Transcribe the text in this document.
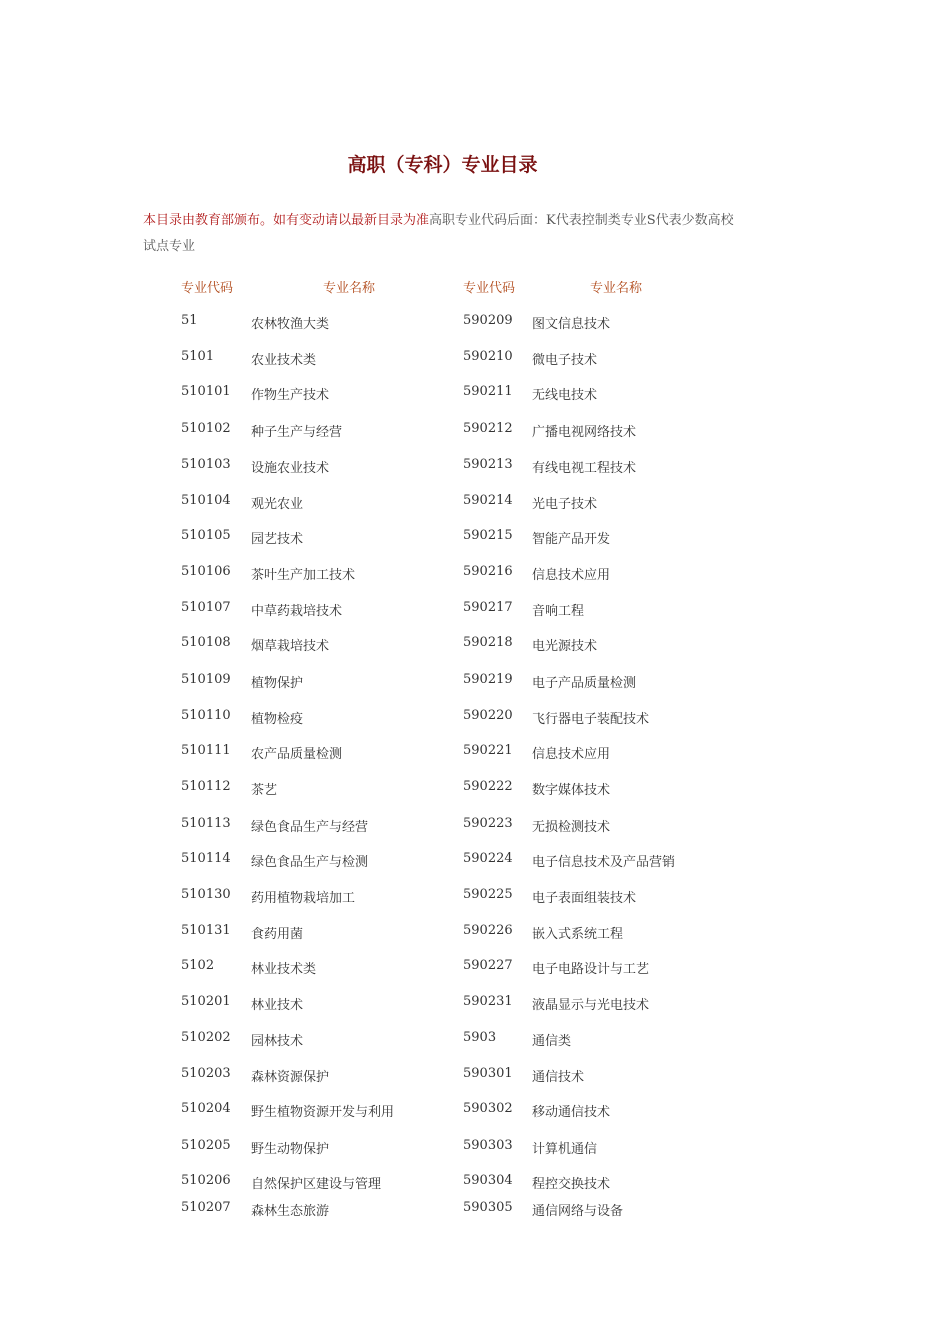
高职（专科）专业目录
本目录由教育部颁布。如有变动请以最新目录为准高职专业代码后面：K代表控制类专业S代表少数高校试点专业
专业代码	专业名称	专业代码	专业名称
51	农林牧渔大类	590209 图文信息技术
5101	农业技术类	590210 微电子技术
510101 作物生产技术	590211 无线电技术
510102 种子生产与经营	590212 广播电视网络技术
510103 设施农业技术	590213 有线电视工程技术
510104 观光农业	590214 光电子技术
510105 园艺技术	590215 智能产品开发
510106 茶叶生产加工技术	590216 信息技术应用
510107 中草药栽培技术	590217 音响工程
510108 烟草栽培技术	590218 电光源技术
510109 植物保护	590219 电子产品质量检测
510110 植物检疫	590220 飞行器电子装配技术
510111 农产品质量检测	590221 信息技术应用
510112 茶艺	590222 数字媒体技术
510113 绿色食品生产与经营	590223 无损检测技术
510114 绿色食品生产与检测	590224 电子信息技术及产品营销
510130 药用植物栽培加工	590225 电子表面组装技术
510131 食药用菌	590226 嵌入式系统工程
5102	林业技术类	590227 电子电路设计与工艺
510201 林业技术	590231 液晶显示与光电技术
510202 园林技术	5903	通信类
510203 森林资源保护	590301 通信技术
510204 野生植物资源开发与利用	590302 移动通信技术
510205 野生动物保护	590303 计算机通信
510206 自然保护区建设与管理	590304 程控交换技术
510207 森林生态旅游	590305 通信网络与设备
